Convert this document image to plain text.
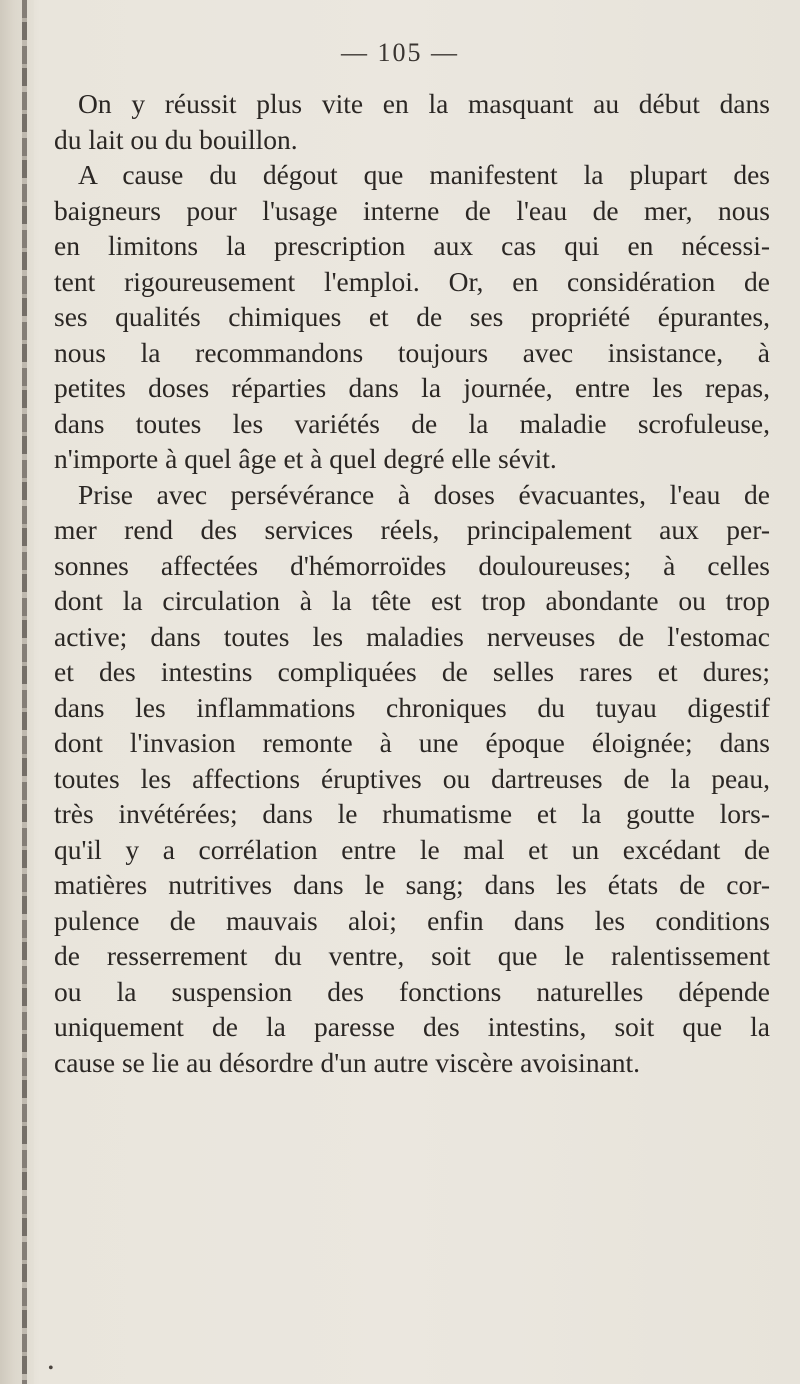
— 105 —

On y réussit plus vite en la masquant au début dans
du lait ou du bouillon.
A cause du dégout que manifestent la plupart des
baigneurs pour l'usage interne de l'eau de mer, nous
en limitons la prescription aux cas qui en nécessi-
tent rigoureusement l'emploi. Or, en considération de
ses qualités chimiques et de ses propriété épurantes,
nous la recommandons toujours avec insistance, à
petites doses réparties dans la journée, entre les repas,
dans toutes les variétés de la maladie scrofuleuse,
n'importe à quel âge et à quel degré elle sévit.
Prise avec persévérance à doses évacuantes, l'eau de
mer rend des services réels, principalement aux per-
sonnes affectées d'hémorroïdes douloureuses; à celles
dont la circulation à la tête est trop abondante ou trop
active; dans toutes les maladies nerveuses de l'estomac
et des intestins compliquées de selles rares et dures;
dans les inflammations chroniques du tuyau digestif
dont l'invasion remonte à une époque éloignée; dans
toutes les affections éruptives ou dartreuses de la peau,
très invétérées; dans le rhumatisme et la goutte lors-
qu'il y a corrélation entre le mal et un excédant de
matières nutritives dans le sang; dans les états de cor-
pulence de mauvais aloi; enfin dans les conditions
de resserrement du ventre, soit que le ralentissement
ou la suspension des fonctions naturelles dépende
uniquement de la paresse des intestins, soit que la
cause se lie au désordre d'un autre viscère avoisinant.
•
